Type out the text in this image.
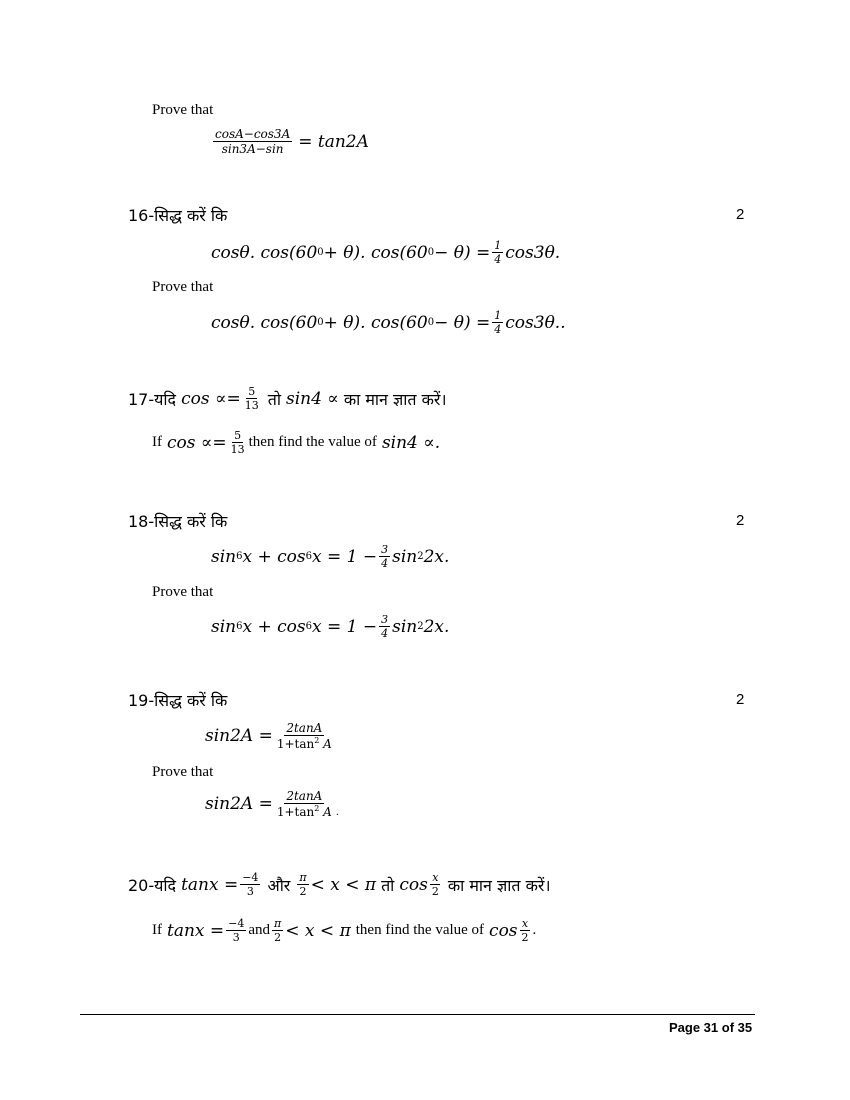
Prove that
$\frac{\cos A-\cos 3A}{\sin 3A-\sin} = \tan 2A$
16-सिद्ध करें कि	2
cosθ. cos(60 0 + θ). cos(60 $0 - \theta) = \frac{1}{4} \cos 3\theta$.
Prove that
cosθ. cos(60 0 + θ). cos(60 $0 - \theta) = \frac{1}{4} \cos 3\theta$..
17-यदि $\cos \propto= \frac{5}{13}$ तो sin4 ∝ का मान ज्ञात करें।
If $\cos \propto= \frac{5}{13}$ then find the value of sin4 ∝.
18-सिद्ध करें कि	2
sin 6 x + cos 6 $x = 1 - \frac{3}{4}$ sin 2 2x.
Prove that
sin 6 x + cos 6 $x = 1 - \frac{3}{4}$ sin 2 2x.
19-सिद्ध करें कि	2
$\sin 2A = \frac{2\tan A}{1+\tan^2 A}$
Prove that
$\sin 2A = \frac{2\tan A}{1+\tan^2 A}$ .
20-यदि $\tan x = \frac{-4}{3}$ और $\frac{\pi}{2} < x < \pi$ तो $\cos \frac{x}{2}$ का मान ज्ञात करें।
If $\tan x = \frac{-4}{3}$ and $\frac{\pi}{2} < x < \pi$ then find the value of $\cos \frac{x}{2}$ .
Page 31 of 35
